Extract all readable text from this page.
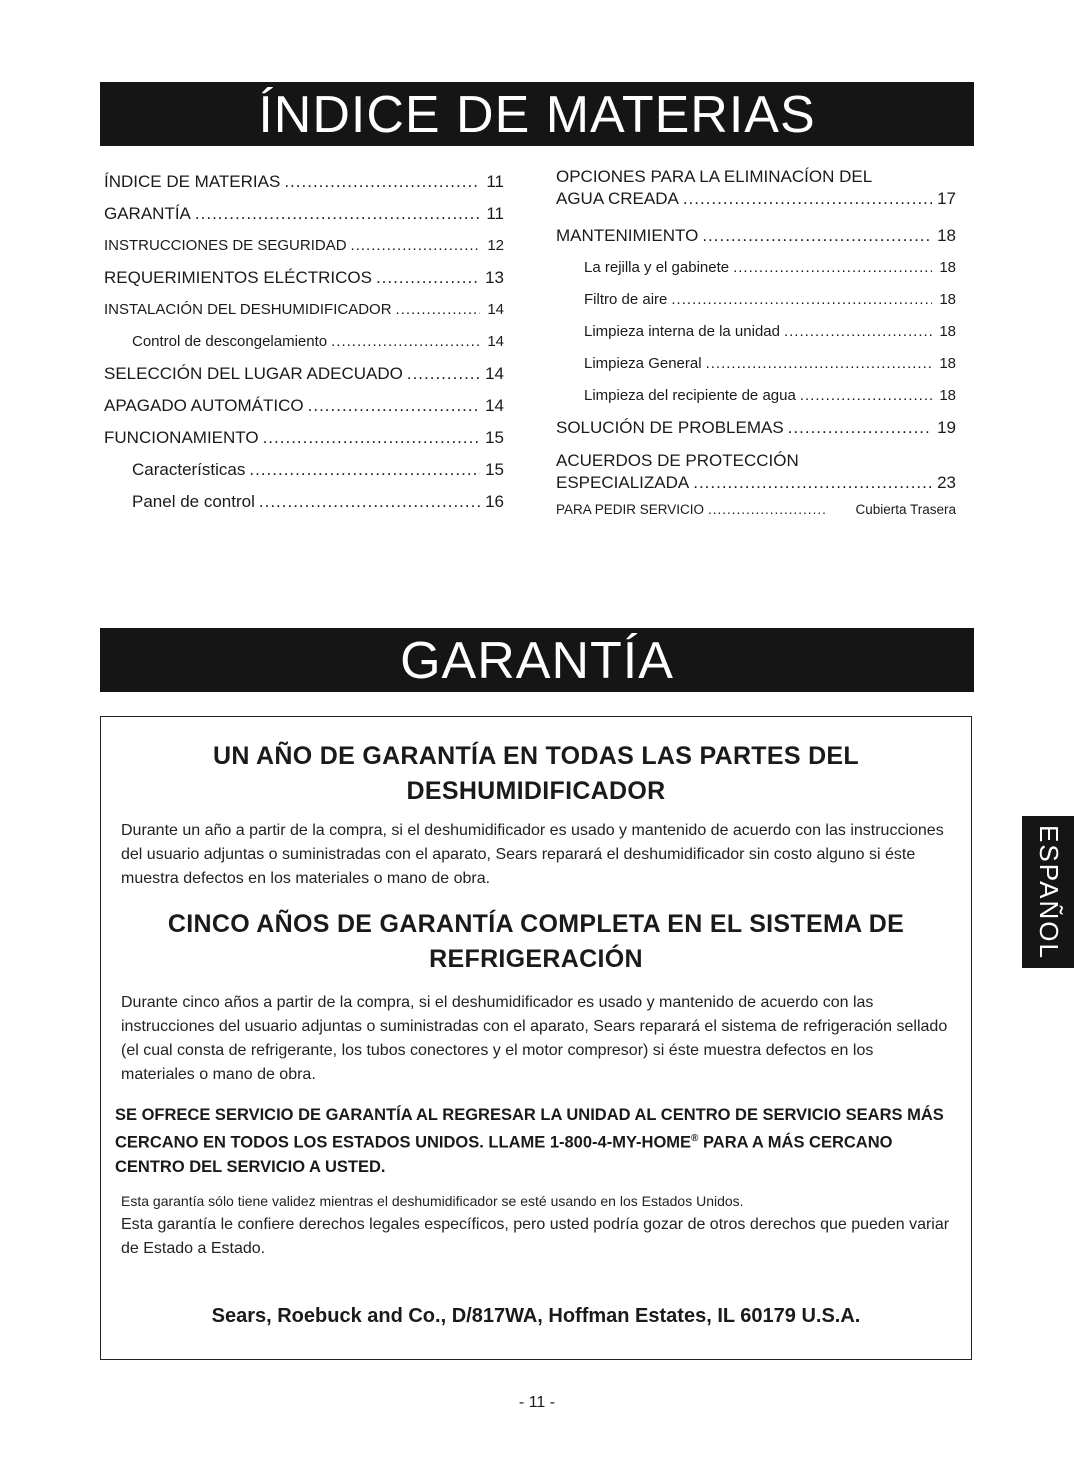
ÍNDICE DE MATERIAS
ÍNDICE DE MATERIAS .....	11
GARANTÍA .....	11
INSTRUCCIONES DE SEGURIDAD .....	12
REQUERIMIENTOS ELÉCTRICOS .....	13
INSTALACIÓN DEL DESHUMIDIFICADOR .....	14
Control de descongelamiento .....	14
SELECCIÓN DEL LUGAR ADECUADO .....	14
APAGADO AUTOMÁTICO .....	14
FUNCIONAMIENTO .....	15
Características .....	15
Panel de control .....	16
OPCIONES PARA LA ELIMINACÍON DEL
AGUA CREADA .....	17
MANTENIMIENTO .....	18
La rejilla y el gabinete .....	18
Filtro de aire .....	18
Limpieza interna de la unidad .....	18
Limpieza General .....	18
Limpieza del recipiente de agua .....	18
SOLUCIÓN DE PROBLEMAS .....	19
ACUERDOS DE PROTECCIÓN
ESPECIALIZADA .....	23
PARA PEDIR SERVICIO .....	Cubierta Trasera
GARANTÍA
UN AÑO DE GARANTÍA EN TODAS LAS PARTES DEL DESHUMIDIFICADOR
Durante un año a partir de la compra, si el deshumidificador es usado y mantenido de acuerdo con las instrucciones del usuario adjuntas o suministradas con el aparato, Sears reparará el deshumidificador sin costo alguno si éste muestra defectos en los materiales o mano de obra.
CINCO AÑOS DE GARANTÍA COMPLETA EN EL SISTEMA DE REFRIGERACIÓN
Durante cinco años a partir de la compra, si el deshumidificador es usado y mantenido de acuerdo con las instrucciones del usuario adjuntas o suministradas con el aparato, Sears reparará el sistema de refrigeración sellado (el cual consta de refrigerante, los tubos conectores y el motor compresor) si éste muestra defectos en los materiales o mano de obra.
SE OFRECE SERVICIO DE GARANTÍA AL REGRESAR LA UNIDAD AL CENTRO DE SERVICIO SEARS MÁS CERCANO EN TODOS LOS ESTADOS UNIDOS. LLAME 1-800-4-MY-HOME® PARA A MÁS CERCANO CENTRO DEL SERVICIO A USTED.
Esta garantía sólo tiene validez mientras el deshumidificador se esté usando en los Estados Unidos.
Esta garantía le confiere derechos legales específicos, pero usted podría gozar de otros derechos que pueden variar de Estado a Estado.
Sears, Roebuck and Co., D/817WA, Hoffman Estates, IL 60179 U.S.A.
- 11 -
ESPAÑOL
